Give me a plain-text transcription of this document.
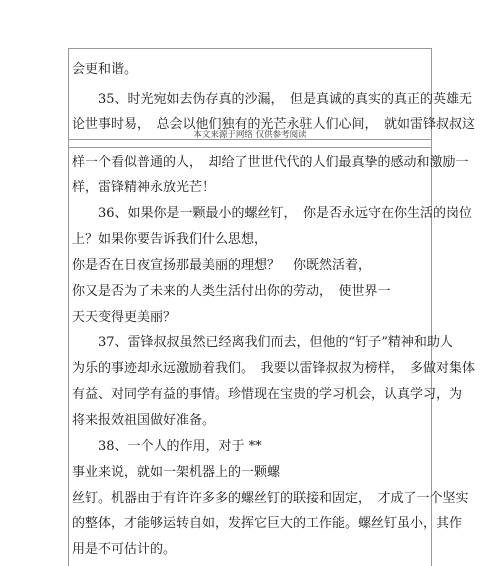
会更和谐。
　　35、时光宛如去伪存真的沙漏，　但是真诚的真实的真正的英雄无
论世事时易，　总会以他们独有的光芒永驻人们心间，　就如雷锋叔叔这
本文来源于网络 仅供参考阅读
样一个看似普通的人，　却给了世世代代的人们最真挚的感动和激励一
样，雷锋精神永放光芒！
　　36、如果你是一颗最小的螺丝钉，　你是否永远守在你生活的岗位
上？如果你要告诉我们什么思想，
你是否在日夜宣扬那最美丽的理想？　你既然活着，
你又是否为了未来的人类生活付出你的劳动，　使世界一
天天变得更美丽？
　　37、雷锋叔叔虽然已经离我们而去，但他的“钉子”精神和助人
为乐的事迹却永远激励着我们。　我要以雷锋叔叔为榜样，　多做对集体
有益、对同学有益的事情。珍惜现在宝贵的学习机会，认真学习，为
将来报效祖国做好准备。
　　38、一个人的作用，对于 **
事业来说，就如一架机器上的一颗螺
丝钉。机器由于有许许多多的螺丝钉的联接和固定，　才成了一个坚实
的整体，才能够运转自如，发挥它巨大的工作能。螺丝钉虽小，其作
用是不可估计的。
